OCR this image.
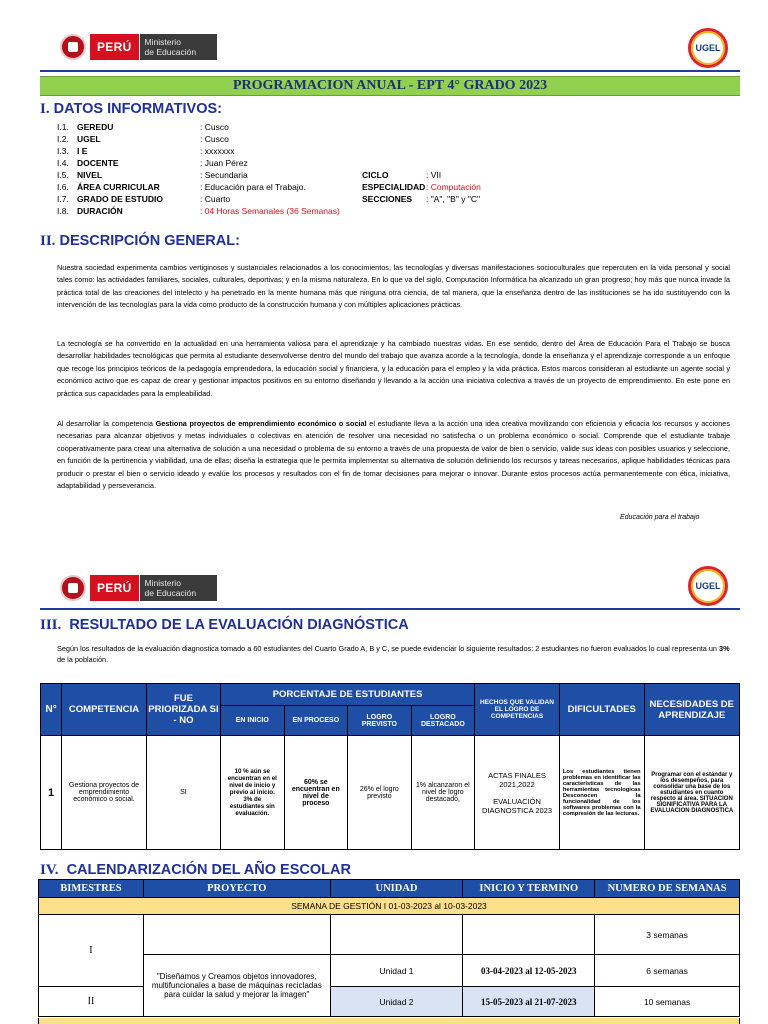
PERÚ	Ministerio
de Educación	UGEL
PROGRAMACION ANUAL - EPT 4° GRADO 2023
I. DATOS INFORMATIVOS:
I.1. GEREDU	: Cusco
I.2. UGEL	: Cusco
I.3. I E	: xxxxxxx
I.4. DOCENTE	: Juan Pérez
I.5. NIVEL	: Secundaria
I.6. ÁREA CURRICULAR	: Educación para el Trabajo.
I.7. GRADO DE ESTUDIO	: Cuarto
I.8. DURACIÓN	: 04 Horas Semanales (36 Semanas)
CICLO	: VII
ESPECIALIDAD : Computación
SECCIONES : "A", "B" y "C"
II. DESCRIPCIÓN GENERAL:
Nuestra sociedad experimenta cambios vertiginosos y sustanciales relacionados a los conocimientos, las tecnologías y diversas manifestaciones socioculturales que repercuten en la vida personal y social tales como: las actividades familiares, sociales, culturales, deportivas; y en la misma naturaleza. En lo que va del siglo, Computación Informática ha alcanzado un gran progreso; hoy más que nunca invade la práctica total de las creaciones del intelecto y ha penetrado en la mente humana más que ninguna otra ciencia, de tal manera, que la enseñanza dentro de las instituciones se ha ido sustituyendo con la intervención de las tecnologías para la vida como producto de la construcción humana y con múltiples aplicaciones prácticas.
La tecnología se ha convertido en la actualidad en una herramienta valiosa para el aprendizaje y ha cambiado nuestras vidas. En ese sentido, dentro del Área de Educación Para el Trabajo se busca desarrollar habilidades tecnológicas que permita al estudiante desenvolverse dentro del mundo del trabajo que avanza acorde a la tecnología, donde la enseñanza y el aprendizaje corresponde a un enfoque que recoge los principios teóricos de la pedagogía emprendedora, la educación social y financiera, y la educación para el empleo y la vida práctica. Estos marcos consideran al estudiante un agente social y económico activo que es capaz de crear y gestionar impactos positivos en su entorno diseñando y llevando a la acción una iniciativa colectiva a través de un proyecto de emprendimiento. En este pone en práctica sus capacidades para la empleabilidad.
Al desarrollar la competencia Gestiona proyectos de emprendimiento económico o social el estudiante lleva a la acción una idea creativa movilizando con eficiencia y eficacia los recursos y acciones necesarias para alcanzar objetivos y metas individuales o colectivas en atención de resolver una necesidad no satisfecha o un problema económico o social. Comprende que el estudiante trabaje cooperativamente para crear una alternativa de solución a una necesidad o problema de su entorno a través de una propuesta de valor de bien o servicio, valide sus ideas con posibles usuarios y seleccione, en función de la pertinencia y viabilidad, una de ellas; diseña la estrategia que le permita implementar su alternativa de solución definiendo los recursos y tareas necesarios, aplique habilidades técnicas para producir o prestar el bien o servicio ideado y evalúe los procesos y resultados con el fin de tomar decisiones para mejorar o innovar. Durante estos procesos actúa permanentemente con ética, iniciativa, adaptabilidad y perseverancia.
Educación para el trabajo
PERÚ	Ministerio
de Educación
UGEL
III. RESULTADO DE LA EVALUACIÓN DIAGNÓSTICA
Según los resultados de la evaluación diagnostica tomado a 60 estudiantes del Cuarto Grado A, B y C, se puede evidenciar lo siguiente resultados: 2 estudiantes no fueron evaluados lo cual representa un 3% de la población.
N°	COMPETENCIA	FUE PRIORIZADA SI - NO	PORCENTAJE DE ESTUDIANTES				HECHOS QUE VALIDAN EL LOGRO DE COMPETENCIAS	DIFICULTADES	NECESIDADES DE APRENDIZAJE
			EN INICIO	EN PROCESO	LOGRO PREVISTO	LOGRO DESTACADO			
1	Gestiona proyectos de emprendimiento económico o social.	SI	10 % aún se encuentran en el nivel de inicio y previo al inicio. 3% de estudiantes sin evaluación.	60% se encuentran en nivel de proceso	26% el logro previsto	1% alcanzaron el nivel de logro destacado,	ACTAS FINALES 2021,2022
EVALUACIÓN DIAGNOSTICA 2023	Los estudiantes tienen problemas en identificar las características de las herramientas tecnologicas Desconocen la funcionalidad de los softwares problemas con la compresión de las lecturas.	Programar con el estándar y los desempeños, para consolidar una base de los estudiantes en cuanto respecto al área. SITUACION SIGNIFICATIVA PARA LA EVALUACION DIAGNOSTICA
IV. CALENDARIZACIÓN DEL AÑO ESCOLAR
BIMESTRES	PROYECTO	UNIDAD	INICIO Y TERMINO	NUMERO DE SEMANAS
SEMANA DE GESTIÓN I 01-03-2023 al 10-03-2023				
I				3 semanas
	"Diseñamos y Creamos objetos innovadores, multifuncionales a base de máquinas recicladas para cuidar la salud y mejorar la imagen"	Unidad 1	03-04-2023 al 12-05-2023	6 semanas
II		Unidad 2	15-05-2023 al 21-07-2023	10 semanas
